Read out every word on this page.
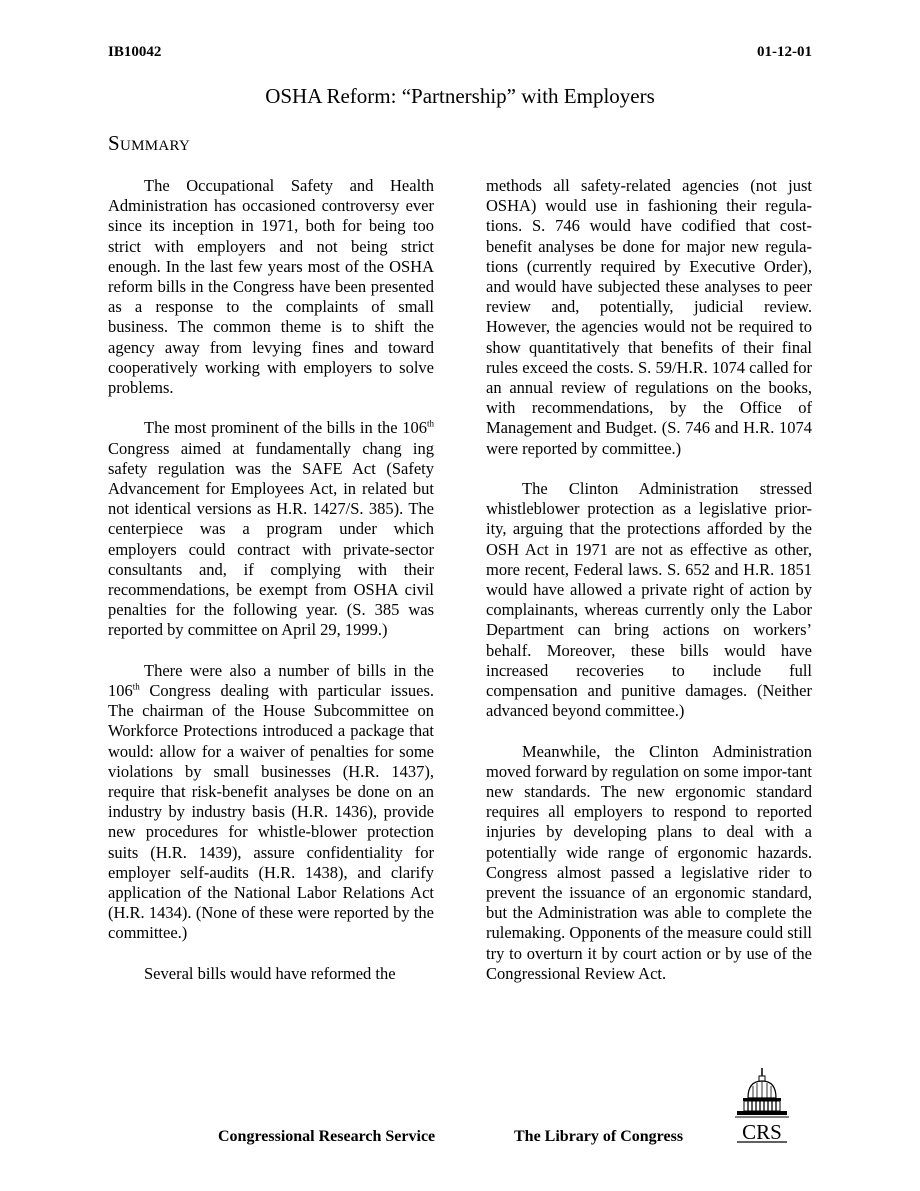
IB10042	01-12-01
OSHA Reform: “Partnership” with Employers
Summary

The Occupational Safety and Health Administration has occasioned controversy ever since its inception in 1971, both for being too strict with employers and not being strict enough. In the last few years most of the OSHA reform bills in the Congress have been presented as a response to the complaints of small business. The common theme is to shift the agency away from levying fines and toward cooperatively working with employers to solve problems.

The most prominent of the bills in the 106th Congress aimed at fundamentally chang ing safety regulation was the SAFE Act (Safety Advancement for Employees Act, in related but not identical versions as H.R. 1427/S. 385). The centerpiece was a program under which employers could contract with private-sector consultants and, if complying with their recommendations, be exempt from OSHA civil penalties for the following year. (S. 385 was reported by committee on April 29, 1999.)

There were also a number of bills in the 106th Congress dealing with particular issues. The chairman of the House Subcommittee on Workforce Protections introduced a package that would: allow for a waiver of penalties for some violations by small businesses (H.R. 1437), require that risk-benefit analyses be done on an industry by industry basis (H.R. 1436), provide new procedures for whistle-blower protection suits (H.R. 1439), assure confidentiality for employer self-audits (H.R. 1438), and clarify application of the National Labor Relations Act (H.R. 1434). (None of these were reported by the committee.)

Several bills would have reformed the

methods all safety-related agencies (not just OSHA) would use in fashioning their regula-tions. S. 746 would have codified that cost-benefit analyses be done for major new regula-tions (currently required by Executive Order), and would have subjected these analyses to peer review and, potentially, judicial review. However, the agencies would not be required to show quantitatively that benefits of their final rules exceed the costs. S. 59/H.R. 1074 called for an annual review of regulations on the books, with recommendations, by the Office of Management and Budget. (S. 746 and H.R. 1074 were reported by committee.)

The Clinton Administration stressed whistleblower protection as a legislative prior-ity, arguing that the protections afforded by the OSH Act in 1971 are not as effective as other, more recent, Federal laws. S. 652 and H.R. 1851 would have allowed a private right of action by complainants, whereas currently only the Labor Department can bring actions on workers’ behalf. Moreover, these bills would have increased recoveries to include full compensation and punitive damages. (Neither advanced beyond committee.)

Meanwhile, the Clinton Administration moved forward by regulation on some impor-tant new standards. The new ergonomic standard requires all employers to respond to reported injuries by developing plans to deal with a potentially wide range of ergonomic hazards. Congress almost passed a legislative rider to prevent the issuance of an ergonomic standard, but the Administration was able to complete the rulemaking. Opponents of the measure could still try to overturn it by court action or by use of the Congressional Review Act.

Congressional Research Service	The Library of Congress	CRS
